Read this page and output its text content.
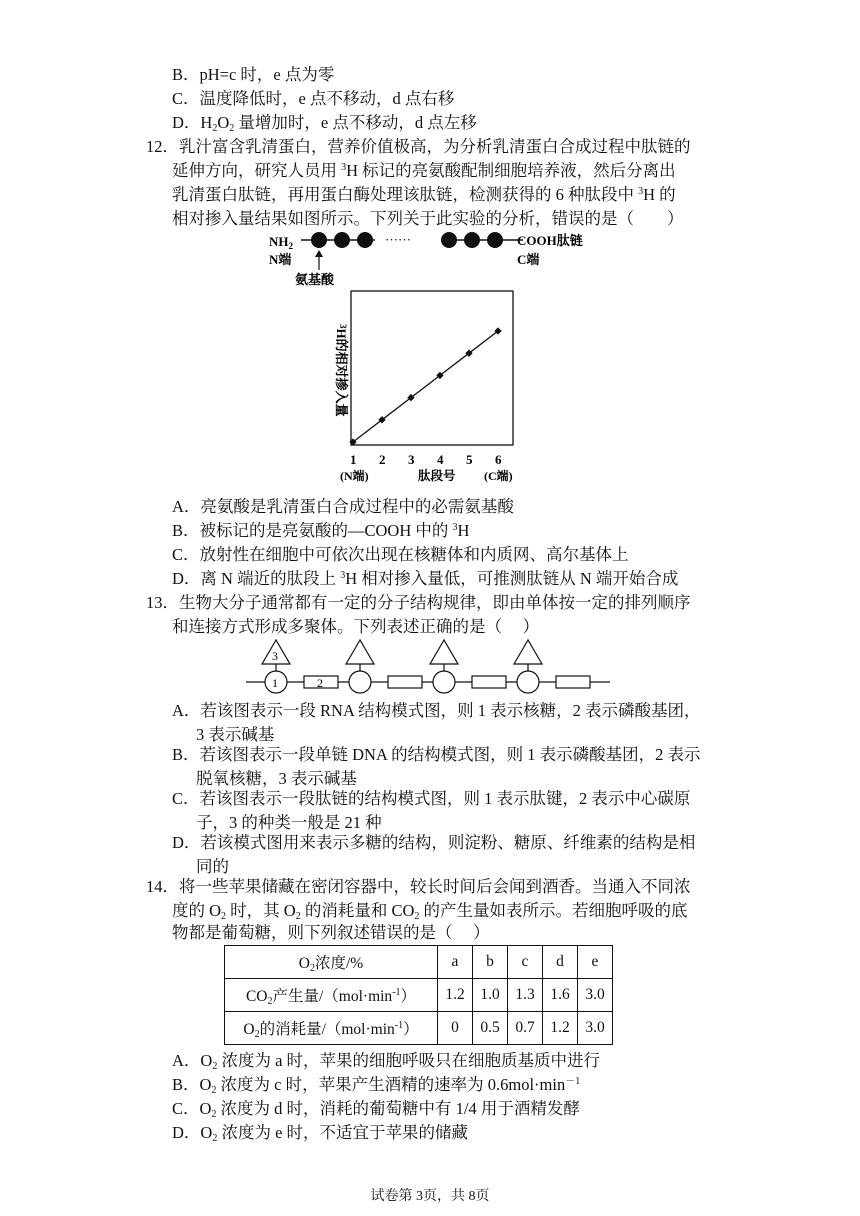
B．pH=c 时，e 点为零
C．温度降低时，e 点不移动，d 点右移
D．$H_2O_2$ 量增加时，e 点不移动，d 点左移
12．乳汁富含乳清蛋白，营养价值极高，为分析乳清蛋白合成过程中肽链的
延伸方向，研究人员用 $^3$H 标记的亮氨酸配制细胞培养液，然后分离出
乳清蛋白肽链，再用蛋白酶处理该肽链，检测获得的 6 种肽段中 $^3$H 的
相对掺入量结果如图所示。下列关于此实验的分析，错误的是（　　）
$NH_2$	······	COOH肽链
N端	C端
氨基酸
$^3$H的相对掺入量
1 2 3 4 5 6
(N端)	肽段号 (C端)
A．亮氨酸是乳清蛋白合成过程中的必需氨基酸
B．被标记的是亮氨酸的—COOH 中的 $^3$H
C．放射性在细胞中可依次出现在核糖体和内质网、高尔基体上
D．离 N 端近的肽段上 $^3$H 相对掺入量低，可推测肽链从 N 端开始合成
13．生物大分子通常都有一定的分子结构规律，即由单体按一定的排列顺序
和连接方式形成多聚体。下列表述正确的是（　 ）
3
1	2
A．若该图表示一段 RNA 结构模式图，则 1 表示核糖，2 表示磷酸基团，
3 表示碱基
B．若该图表示一段单链 DNA 的结构模式图，则 1 表示磷酸基团，2 表示
脱氧核糖，3 表示碱基
C．若该图表示一段肽链的结构模式图，则 1 表示肽键，2 表示中心碳原
子，3 的种类一般是 21 种
D．若该模式图用来表示多糖的结构，则淀粉、糖原、纤维素的结构是相
同的
14．将一些苹果储藏在密闭容器中，较长时间后会闻到酒香。当通入不同浓
度的 $O_2$ 时，其 $O_2$ 的消耗量和 $CO_2$ 的产生量如表所示。若细胞呼吸的底
物都是葡萄糖，则下列叙述错误的是（　 ）
$O_2$浓度/%	a	b	c	d	e
$CO_2$产生量$/(mol\cdot\min^{-1})$	1.2	1.0	1.3	1.6	3.0
$O_2$的消耗量$/(mol\cdot\min^{-1})$	0	0.5	0.7	1.2	3.0
A．$O_2$ 浓度为 a 时，苹果的细胞呼吸只在细胞质基质中进行
B．$O_2$ 浓度为 c 时，苹果产生酒精的速率为 $0.6mol\cdot\min^{-1}$
C．$O_2$ 浓度为 d 时，消耗的葡萄糖中有 1/4 用于酒精发酵
D．$O_2$ 浓度为 e 时，不适宜于苹果的储藏
试卷第 3页，共 8页
